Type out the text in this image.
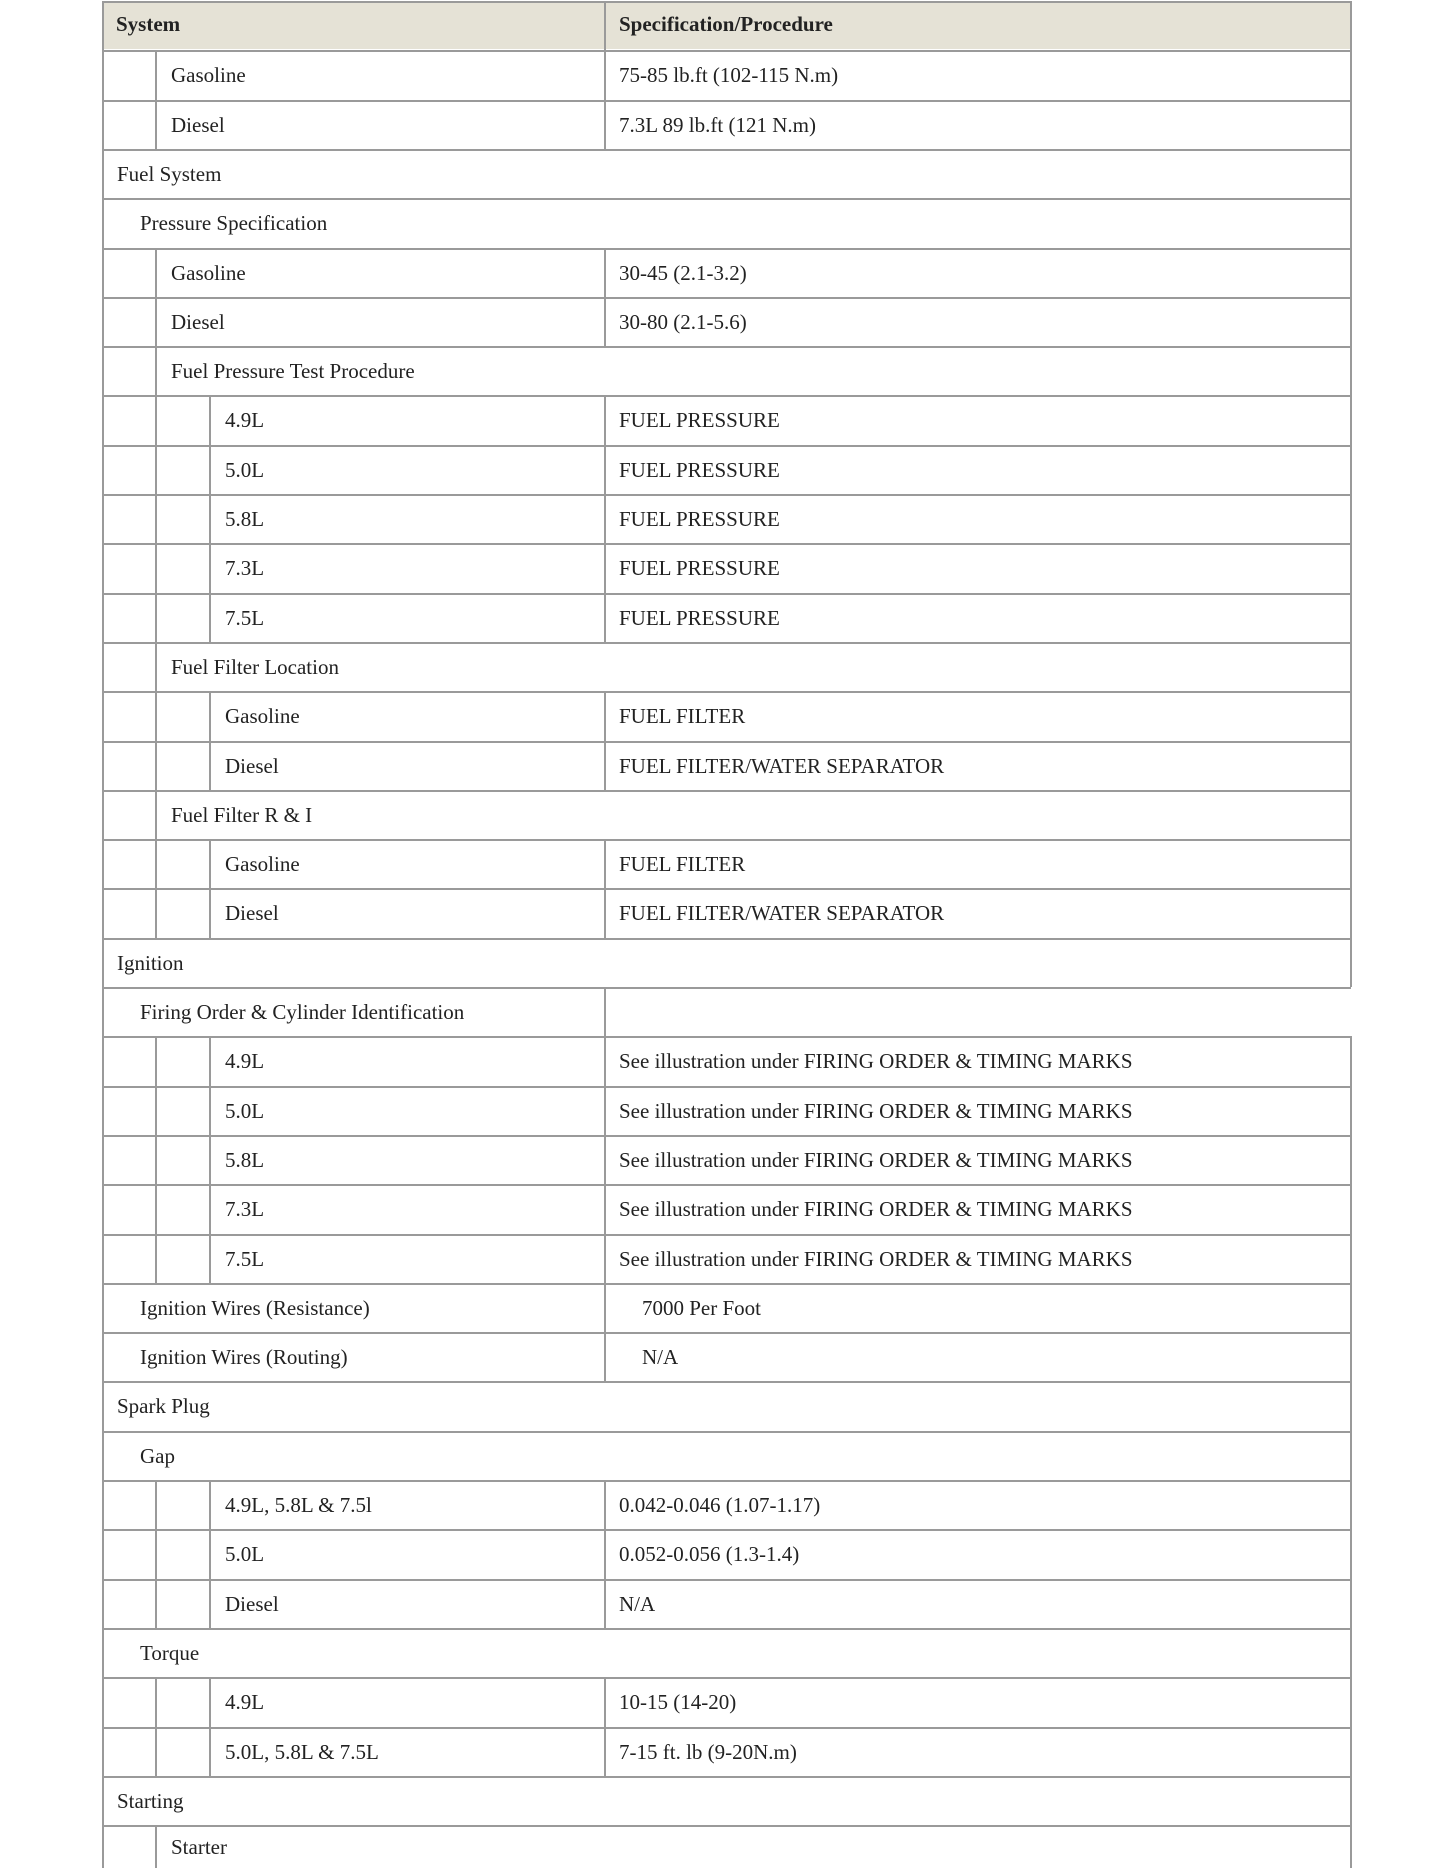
System	Specification/Procedure
Gasoline	75-85 lb.ft (102-115 N.m)
Diesel	7.3L 89 lb.ft (121 N.m)
Fuel System
Pressure Specification
Gasoline	30-45 (2.1-3.2)
Diesel	30-80 (2.1-5.6)
Fuel Pressure Test Procedure
4.9L	FUEL PRESSURE
5.0L	FUEL PRESSURE
5.8L	FUEL PRESSURE
7.3L	FUEL PRESSURE
7.5L	FUEL PRESSURE
Fuel Filter Location
Gasoline	FUEL FILTER
Diesel	FUEL FILTER/WATER SEPARATOR
Fuel Filter R & I
Gasoline	FUEL FILTER
Diesel	FUEL FILTER/WATER SEPARATOR
Ignition
Firing Order & Cylinder Identification
4.9L	See illustration under FIRING ORDER & TIMING MARKS
5.0L	See illustration under FIRING ORDER & TIMING MARKS
5.8L	See illustration under FIRING ORDER & TIMING MARKS
7.3L	See illustration under FIRING ORDER & TIMING MARKS
7.5L	See illustration under FIRING ORDER & TIMING MARKS
Ignition Wires (Resistance)	7000 Per Foot
Ignition Wires (Routing)	N/A
Spark Plug
Gap
4.9L, 5.8L & 7.5l	0.042-0.046 (1.07-1.17)
5.0L	0.052-0.056 (1.3-1.4)
Diesel	N/A
Torque
4.9L	10-15 (14-20)
5.0L, 5.8L & 7.5L	7-15 ft. lb (9-20N.m)
Starting
Starter
